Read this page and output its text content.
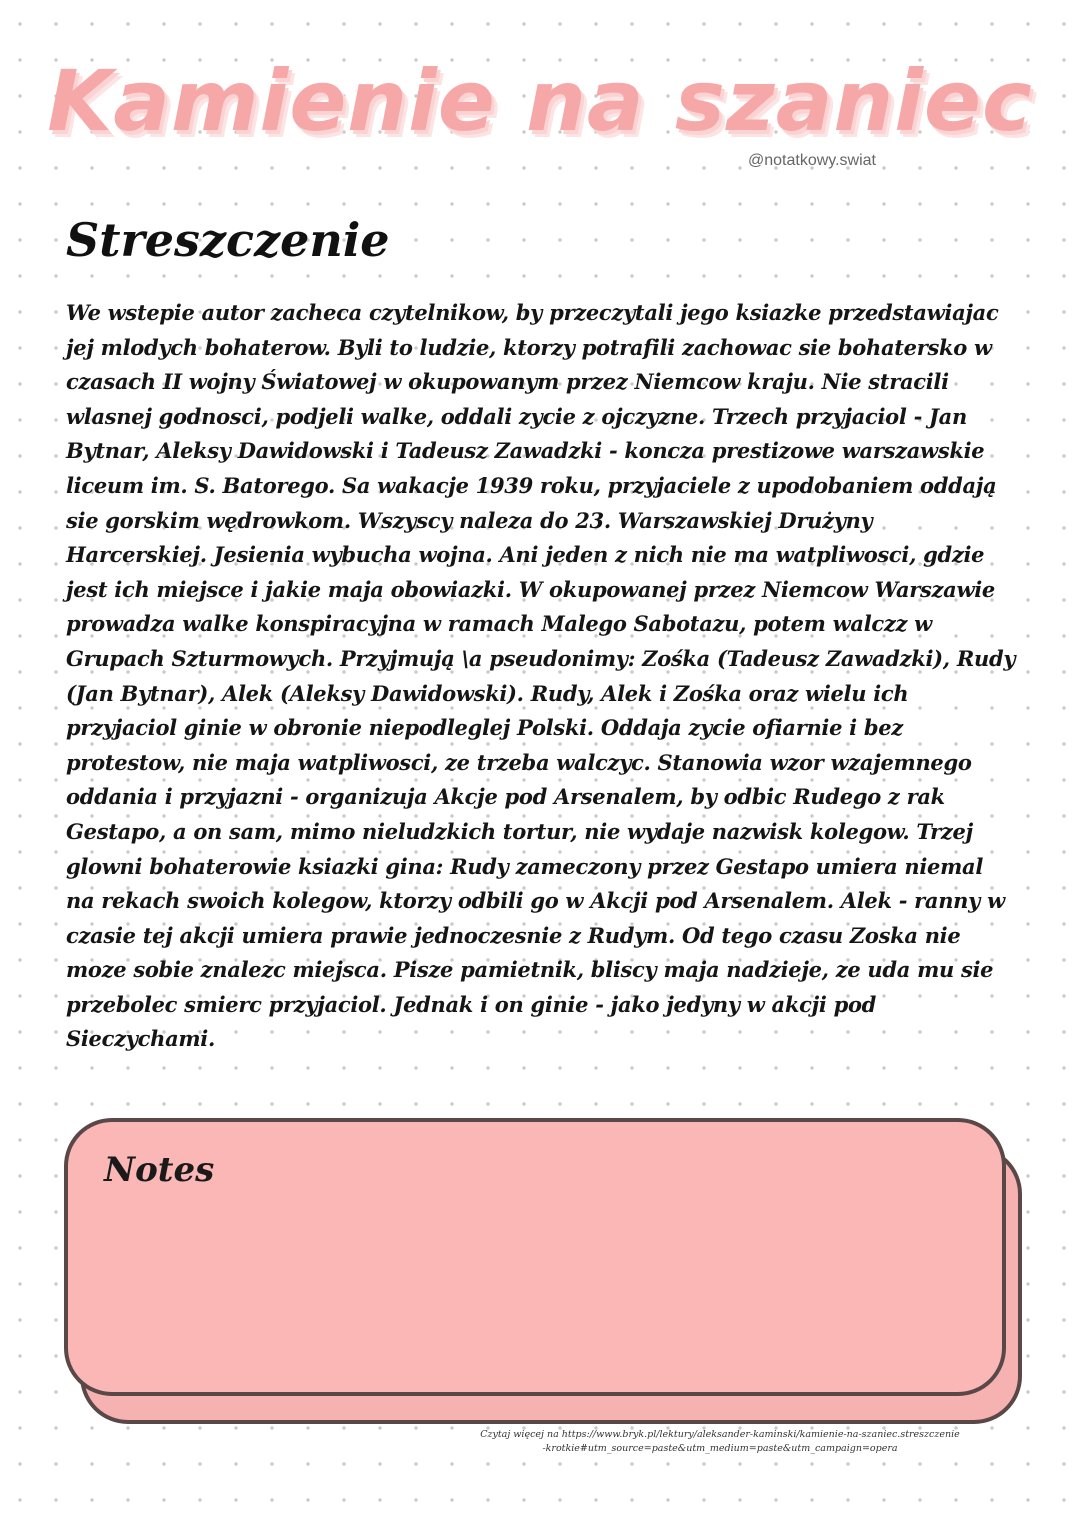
Kamienie na szaniec
@notatkowy.swiat
Streszczenie

We wstepie autor zacheca czytelnikow, by przeczytali jego ksiazke przedstawiajac jej mlodych bohaterow. Byli to ludzie, ktorzy potrafili zachowac sie bohatersko w czasach II wojny Światowej w okupowanym przez Niemcow kraju. Nie stracili wlasnej godnosci, podjeli walke, oddali zycie z ojczyzne. Trzech przyjaciol - Jan Bytnar, Aleksy Dawidowski i Tadeusz Zawadzki - koncza prestizowe warszawskie liceum im. S. Batorego. Sa wakacje 1939 roku, przyjaciele z upodobaniem oddają sie gorskim wędrowkom. Wszyscy naleza do 23. Warszawskiej Drużyny Harcerskiej. Jesienia wybucha wojna. Ani jeden z nich nie ma watpliwosci, gdzie jest ich miejsce i jakie maja obowiazki. W okupowanej przez Niemcow Warszawie prowadza walke konspiracyjna w ramach Malego Sabotazu, potem walczz w Grupach Szturmowych. Przyjmują \a pseudonimy: Zośka (Tadeusz Zawadzki), Rudy (Jan Bytnar), Alek (Aleksy Dawidowski). Rudy, Alek i Zośka oraz wielu ich przyjaciol ginie w obronie niepodleglej Polski. Oddaja zycie ofiarnie i bez protestow, nie maja watpliwosci, ze trzeba walczyc. Stanowia wzor wzajemnego oddania i przyjazni - organizuja Akcje pod Arsenalem, by odbic Rudego z rak Gestapo, a on sam, mimo nieludzkich tortur, nie wydaje nazwisk kolegow. Trzej glowni bohaterowie ksiazki gina: Rudy zameczony przez Gestapo umiera niemal na rekach swoich kolegow, ktorzy odbili go w Akcji pod Arsenalem. Alek - ranny w czasie tej akcji umiera prawie jednoczesnie z Rudym. Od tego czasu Zoska nie moze sobie znalezc miejsca. Pisze pamietnik, bliscy maja nadzieje, ze uda mu sie przebolec smierc przyjaciol. Jednak i on ginie - jako jedyny w akcji pod Sieczychami.

Notes
Czytaj więcej na https://www.bryk.pl/lektury/aleksander-kaminski/kamienie-na-szaniec.streszczenie-krotkie#utm_source=paste&utm_medium=paste&utm_campaign=opera
